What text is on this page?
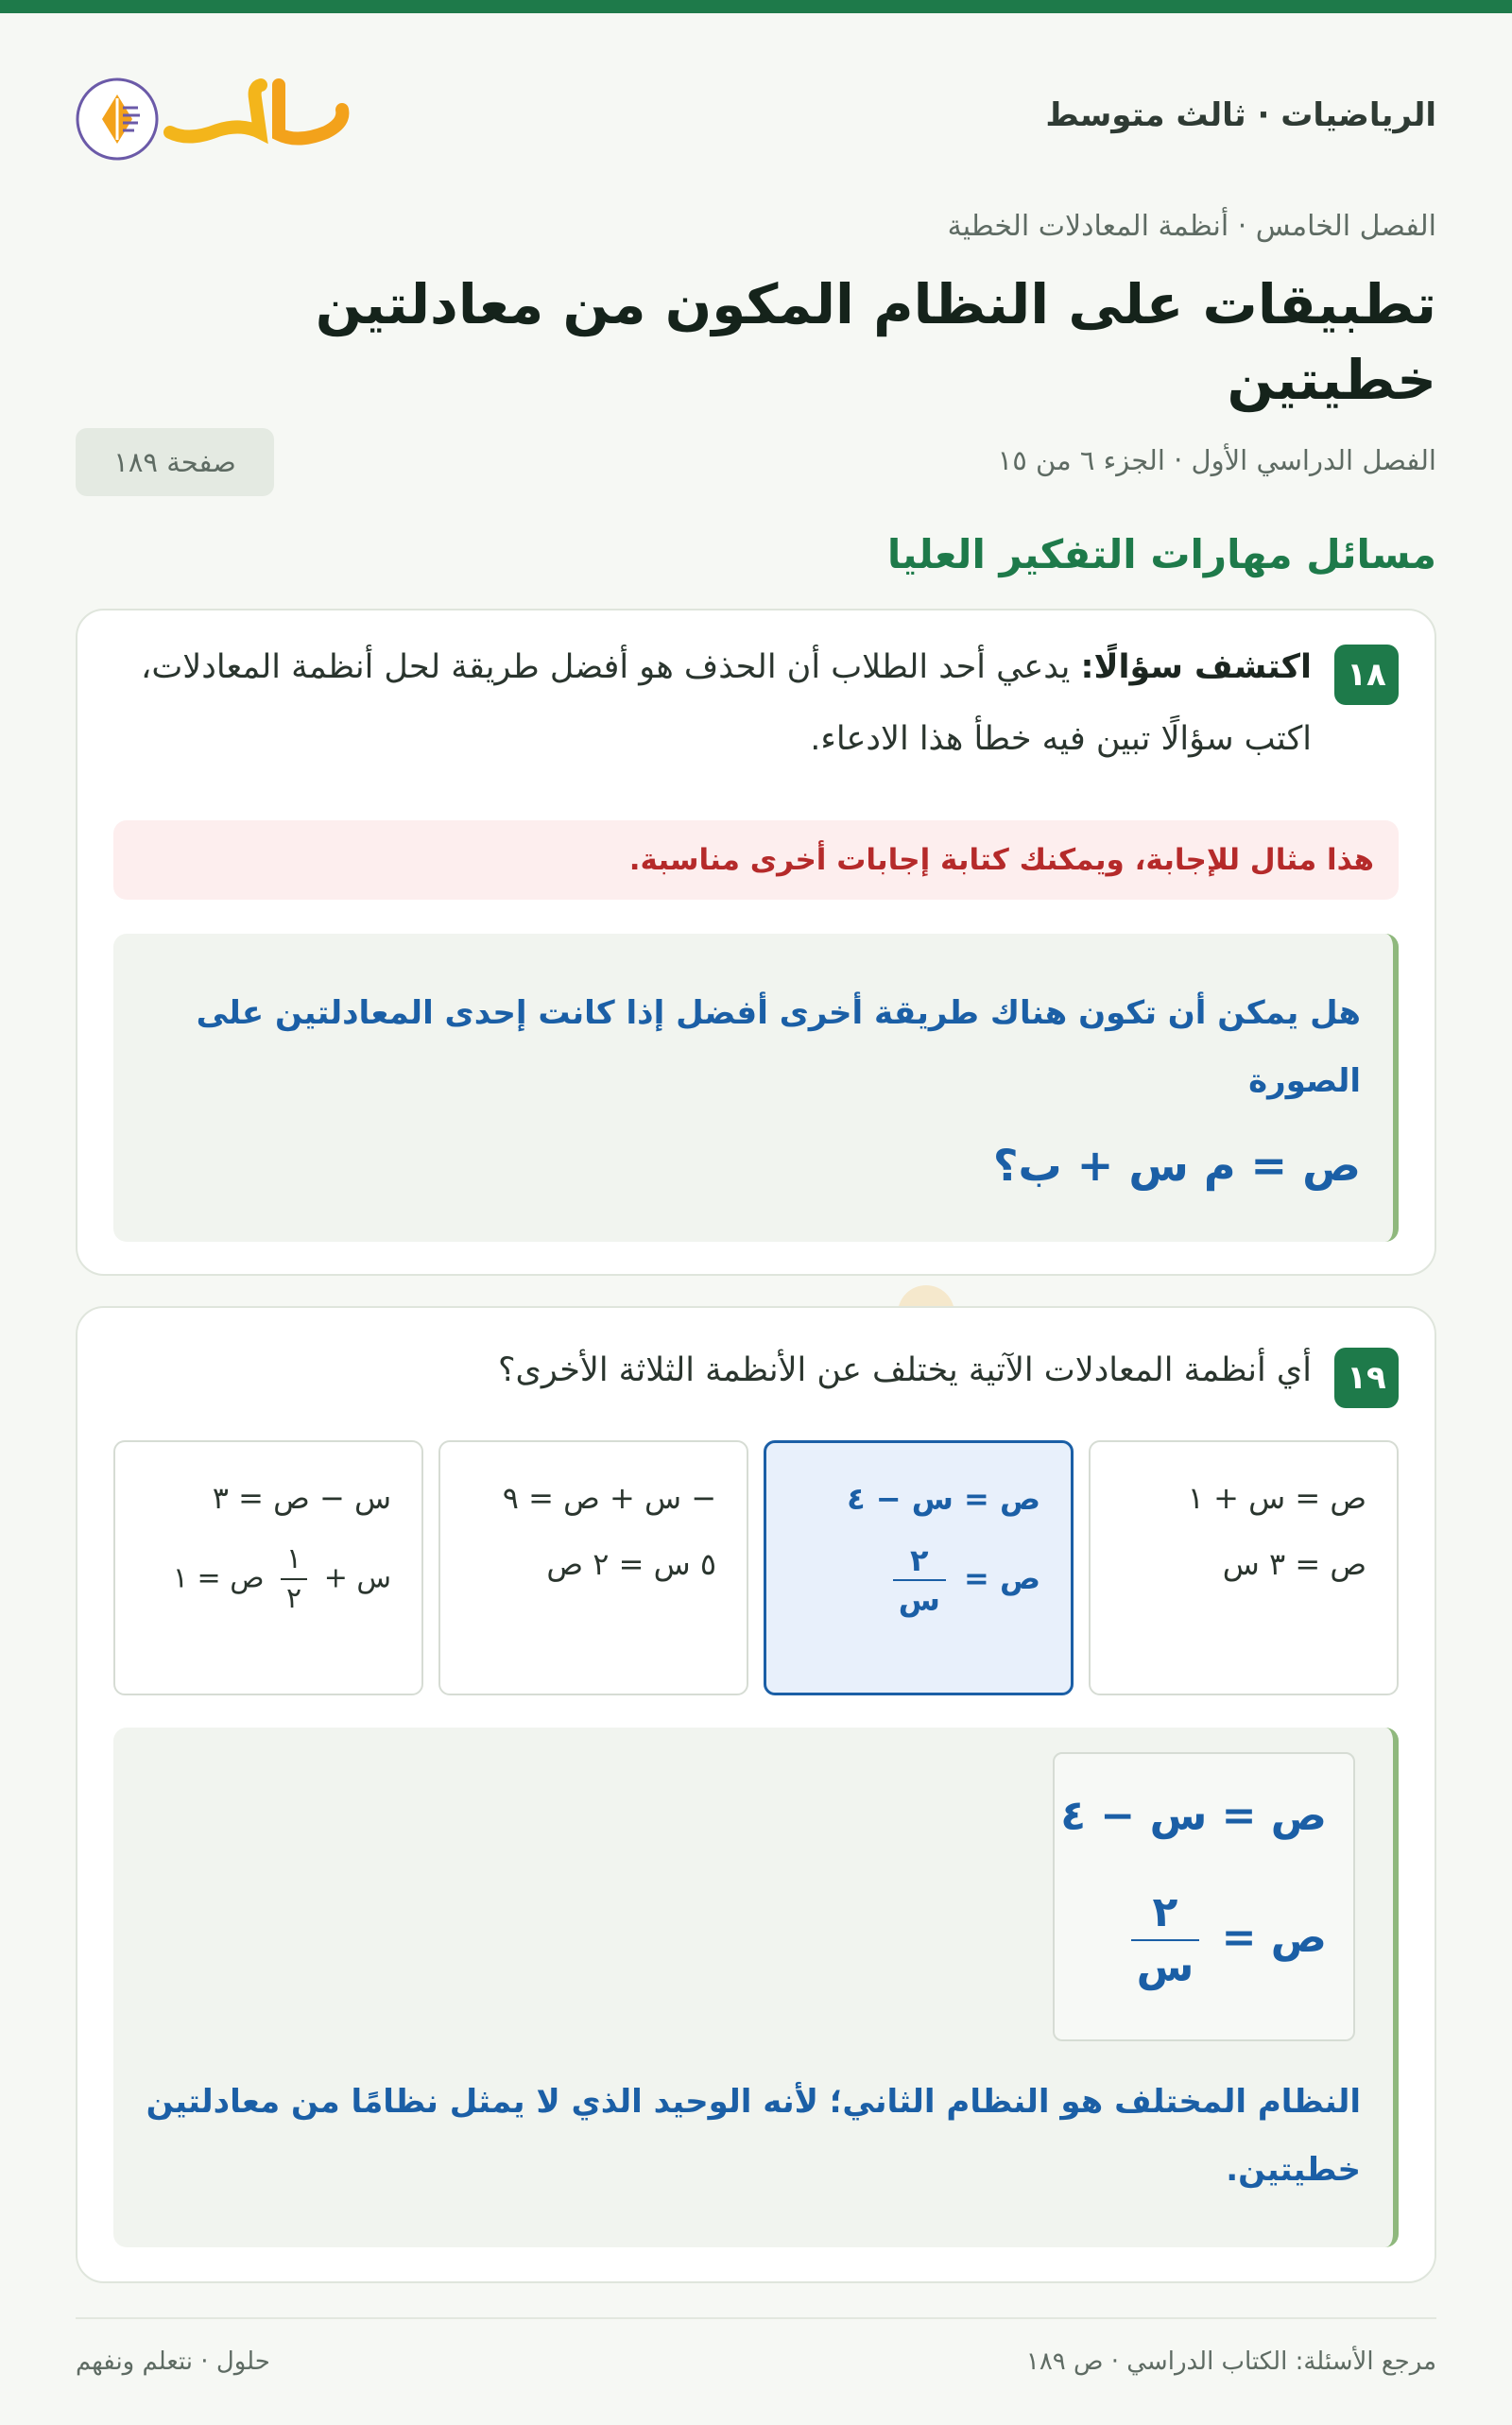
الرياضيات · ثالث متوسط
الفصل الخامس · أنظمة المعادلات الخطية
تطبيقات على النظام المكون من معادلتين خطيتين
الفصل الدراسي الأول · الجزء ٦ من ١٥
صفحة ١٨٩
مسائل مهارات التفكير العليا
١٨
اكتشف سؤالًا: يدعي أحد الطلاب أن الحذف هو أفضل طريقة لحل أنظمة المعادلات، اكتب سؤالًا تبين فيه خطأ هذا الادعاء.
هذا مثال للإجابة، ويمكنك كتابة إجابات أخرى مناسبة.
هل يمكن أن تكون هناك طريقة أخرى أفضل إذا كانت إحدى المعادلتين على الصورة
ص = م س + ب؟
١٩
أي أنظمة المعادلات الآتية يختلف عن الأنظمة الثلاثة الأخرى؟
ص = س + ١
ص = ٣ س
ص = س − ٤
ص =
$\frac{٢}{\text{س}}$
− س + ص = ٩
٥ س = ٢ ص
س − ص = ٣
س +
$\frac{١}{٢}$
ص = ١
ص = س − ٤
ص =
$\frac{٢}{\text{س}}$
النظام المختلف هو النظام الثاني؛ لأنه الوحيد الذي لا يمثل نظامًا من معادلتين خطيتين.
مرجع الأسئلة: الكتاب الدراسي · ص ١٨٩
حلول · نتعلم ونفهم
